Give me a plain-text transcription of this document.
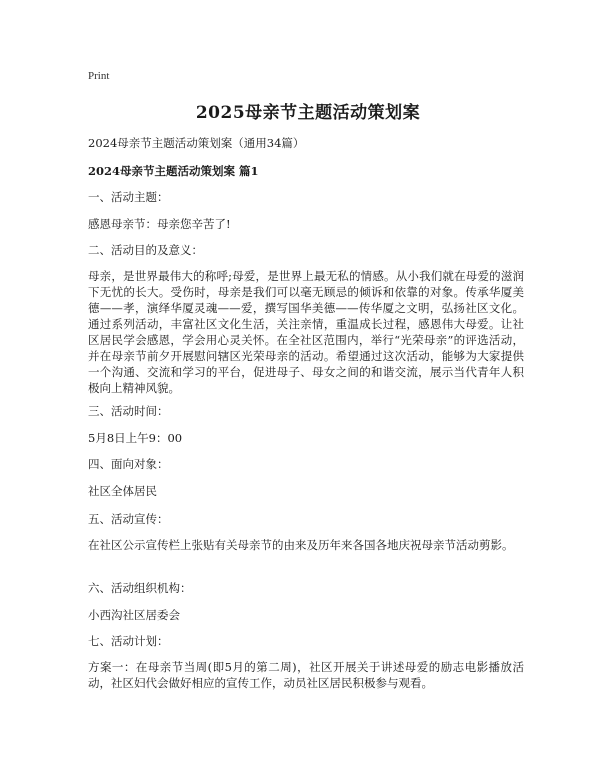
Print
2025母亲节主题活动策划案
2024母亲节主题活动策划案（通用34篇）
2024母亲节主题活动策划案 篇1
一、活动主题：
感恩母亲节：母亲您辛苦了!
二、活动目的及意义：
母亲，是世界最伟大的称呼;母爱，是世界上最无私的情感。从小我们就在母爱的滋润下无忧的长大。受伤时，母亲是我们可以毫无顾忌的倾诉和依靠的对象。传承华厦美德——孝，演绎华厦灵魂——爱，撰写国华美德——传华厦之文明，弘扬社区文化。通过系列活动，丰富社区文化生活，关注亲情，重温成长过程，感恩伟大母爱。让社区居民学会感恩，学会用心灵关怀。在全社区范围内，举行“光荣母亲”的评选活动，并在母亲节前夕开展慰问辖区光荣母亲的活动。希望通过这次活动，能够为大家提供一个沟通、交流和学习的平台，促进母子、母女之间的和谐交流，展示当代青年人积极向上精神风貌。
三、活动时间：
5月8日上午9：00
四、面向对象：
社区全体居民
五、活动宣传：
在社区公示宣传栏上张贴有关母亲节的由来及历年来各国各地庆祝母亲节活动剪影。
六、活动组织机构：
小西沟社区居委会
七、活动计划：
方案一：在母亲节当周(即5月的第二周)，社区开展关于讲述母爱的励志电影播放活动，社区妇代会做好相应的宣传工作，动员社区居民积极参与观看。
